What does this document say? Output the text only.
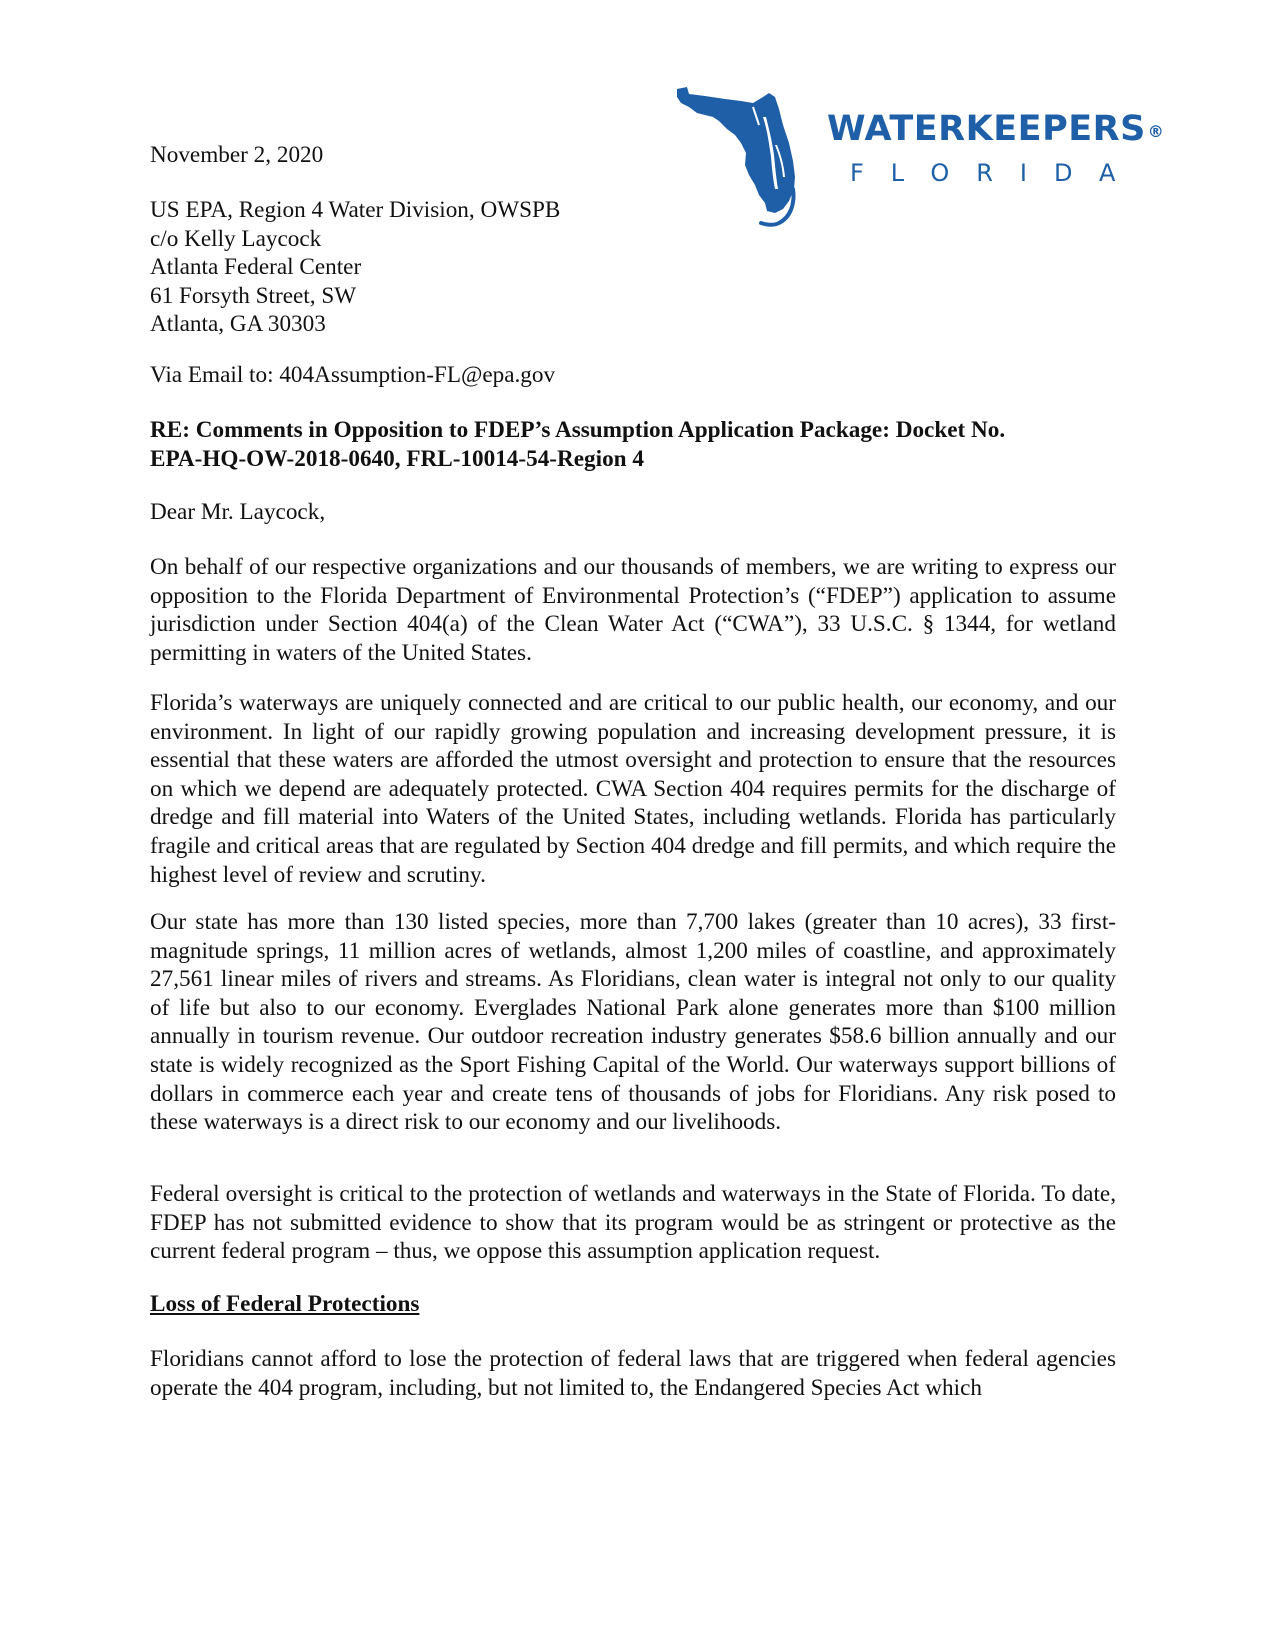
WATERKEEPERS ®
FLORIDA
November 2, 2020
US EPA, Region 4 Water Division, OWSPB
c/o Kelly Laycock
Atlanta Federal Center
61 Forsyth Street, SW
Atlanta, GA 30303
Via Email to: 404Assumption-FL@epa.gov
RE: Comments in Opposition to FDEP’s Assumption Application Package: Docket No.
EPA-HQ-OW-2018-0640, FRL-10014-54-Region 4
Dear Mr. Laycock,
On behalf of our respective organizations and our thousands of members, we are writing to express our opposition to the Florida Department of Environmental Protection’s (“FDEP”) application to assume jurisdiction under Section 404(a) of the Clean Water Act (“CWA”), 33 U.S.C. § 1344, for wetland permitting in waters of the United States.
Florida’s waterways are uniquely connected and are critical to our public health, our economy, and our environment. In light of our rapidly growing population and increasing development pressure, it is essential that these waters are afforded the utmost oversight and protection to ensure that the resources on which we depend are adequately protected. CWA Section 404 requires permits for the discharge of dredge and fill material into Waters of the United States, including wetlands. Florida has particularly fragile and critical areas that are regulated by Section 404 dredge and fill permits, and which require the highest level of review and scrutiny.
Our state has more than 130 listed species, more than 7,700 lakes (greater than 10 acres), 33 first-magnitude springs, 11 million acres of wetlands, almost 1,200 miles of coastline, and approximately 27,561 linear miles of rivers and streams. As Floridians, clean water is integral not only to our quality of life but also to our economy. Everglades National Park alone generates more than $100 million annually in tourism revenue. Our outdoor recreation industry generates $58.6 billion annually and our state is widely recognized as the Sport Fishing Capital of the World. Our waterways support billions of dollars in commerce each year and create tens of thousands of jobs for Floridians. Any risk posed to these waterways is a direct risk to our economy and our livelihoods.
Federal oversight is critical to the protection of wetlands and waterways in the State of Florida. To date, FDEP has not submitted evidence to show that its program would be as stringent or protective as the current federal program – thus, we oppose this assumption application request.
Loss of Federal Protections
Floridians cannot afford to lose the protection of federal laws that are triggered when federal agencies operate the 404 program, including, but not limited to, the Endangered Species Act which
